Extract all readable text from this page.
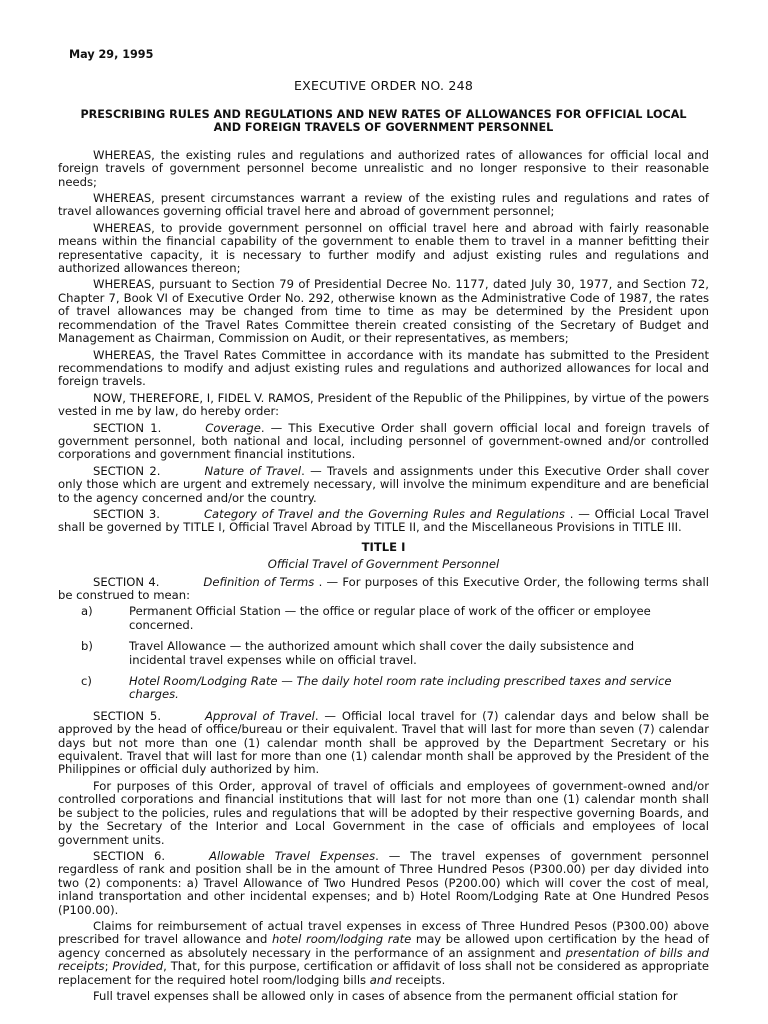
May 29, 1995
EXECUTIVE ORDER NO. 248
PRESCRIBING RULES AND REGULATIONS AND NEW RATES OF ALLOWANCES FOR OFFICIAL LOCAL
AND FOREIGN TRAVELS OF GOVERNMENT PERSONNEL

WHEREAS, the existing rules and regulations and authorized rates of allowances for official local and foreign travels of government personnel become unrealistic and no longer responsive to their reasonable needs;

WHEREAS, present circumstances warrant a review of the existing rules and regulations and rates of travel allowances governing official travel here and abroad of government personnel;

WHEREAS, to provide government personnel on official travel here and abroad with fairly reasonable means within the financial capability of the government to enable them to travel in a manner befitting their representative capacity, it is necessary to further modify and adjust existing rules and regulations and authorized allowances thereon;

WHEREAS, pursuant to Section 79 of Presidential Decree No. 1177, dated July 30, 1977, and Section 72, Chapter 7, Book VI of Executive Order No. 292, otherwise known as the Administrative Code of 1987, the rates of travel allowances may be changed from time to time as may be determined by the President upon recommendation of the Travel Rates Committee therein created consisting of the Secretary of Budget and Management as Chairman, Commission on Audit, or their representatives, as members;

WHEREAS, the Travel Rates Committee in accordance with its mandate has submitted to the President recommendations to modify and adjust existing rules and regulations and authorized allowances for local and foreign travels.

NOW, THEREFORE, I, FIDEL V. RAMOS, President of the Republic of the Philippines, by virtue of the powers vested in me by law, do hereby order:

SECTION 1.	Coverage. — This Executive Order shall govern official local and foreign travels of government personnel, both national and local, including personnel of government-owned and/or controlled corporations and government financial institutions.

SECTION 2.	Nature of Travel. — Travels and assignments under this Executive Order shall cover only those which are urgent and extremely necessary, will involve the minimum expenditure and are beneficial to the agency concerned and/or the country.

SECTION 3.	Category of Travel and the Governing Rules and Regulations . — Official Local Travel shall be governed by TITLE I, Official Travel Abroad by TITLE II, and the Miscellaneous Provisions in TITLE III.

TITLE I

Official Travel of Government Personnel

SECTION 4.	Definition of Terms . — For purposes of this Executive Order, the following terms shall be construed to mean:

a)	Permanent Official Station — the office or regular place of work of the officer or employee concerned.
b)	Travel Allowance — the authorized amount which shall cover the daily subsistence and incidental travel expenses while on official travel.
c)	Hotel Room/Lodging Rate — The daily hotel room rate including prescribed taxes and service charges.

SECTION 5.	Approval of Travel. — Official local travel for (7) calendar days and below shall be approved by the head of office/bureau or their equivalent. Travel that will last for more than seven (7) calendar days but not more than one (1) calendar month shall be approved by the Department Secretary or his equivalent. Travel that will last for more than one (1) calendar month shall be approved by the President of the Philippines or official duly authorized by him.

For purposes of this Order, approval of travel of officials and employees of government-owned and/or controlled corporations and financial institutions that will last for not more than one (1) calendar month shall be subject to the policies, rules and regulations that will be adopted by their respective governing Boards, and by the Secretary of the Interior and Local Government in the case of officials and employees of local government units.

SECTION 6.	Allowable Travel Expenses. — The travel expenses of government personnel regardless of rank and position shall be in the amount of Three Hundred Pesos (P300.00) per day divided into two (2) components: a) Travel Allowance of Two Hundred Pesos (P200.00) which will cover the cost of meal, inland transportation and other incidental expenses; and b) Hotel Room/Lodging Rate at One Hundred Pesos (P100.00).

Claims for reimbursement of actual travel expenses in excess of Three Hundred Pesos (P300.00) above prescribed for travel allowance and hotel room/lodging rate may be allowed upon certification by the head of agency concerned as absolutely necessary in the performance of an assignment and presentation of bills and receipts; Provided, That, for this purpose, certification or affidavit of loss shall not be considered as appropriate replacement for the required hotel room/lodging bills and receipts.

Full travel expenses shall be allowed only in cases of absence from the permanent official station for
